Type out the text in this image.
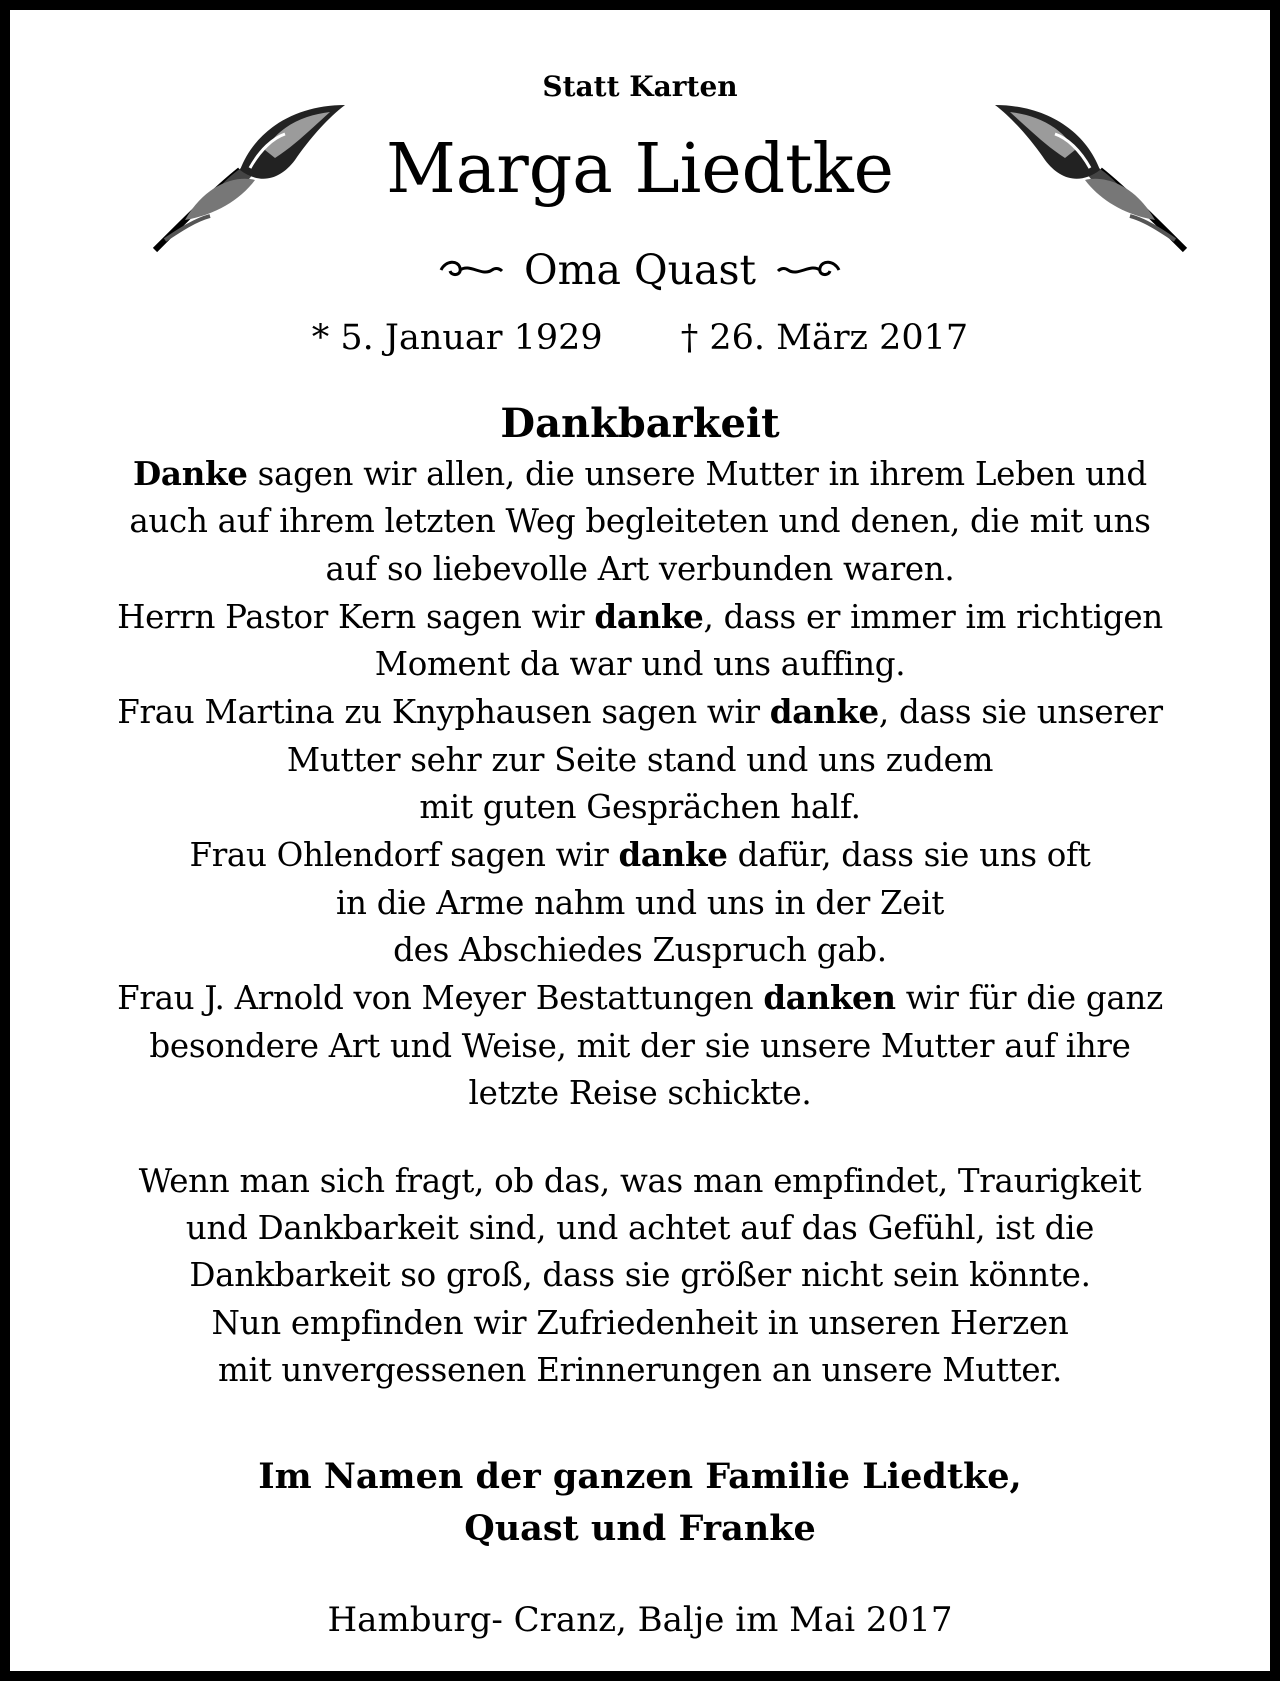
Statt Karten
Marga Liedtke
Oma Quast
* 5. Januar 1929 † 26. März 2017
Dankbarkeit
Danke sagen wir allen, die unsere Mutter in ihrem Leben und
auch auf ihrem letzten Weg begleiteten und denen, die mit uns
auf so liebevolle Art verbunden waren.
Herrn Pastor Kern sagen wir danke, dass er immer im richtigen
Moment da war und uns auffing.
Frau Martina zu Knyphausen sagen wir danke, dass sie unserer
Mutter sehr zur Seite stand und uns zudem
mit guten Gesprächen half.
Frau Ohlendorf sagen wir danke dafür, dass sie uns oft
in die Arme nahm und uns in der Zeit
des Abschiedes Zuspruch gab.
Frau J. Arnold von Meyer Bestattungen danken wir für die ganz
besondere Art und Weise, mit der sie unsere Mutter auf ihre
letzte Reise schickte.
Wenn man sich fragt, ob das, was man empfindet, Traurigkeit
und Dankbarkeit sind, und achtet auf das Gefühl, ist die
Dankbarkeit so groß, dass sie größer nicht sein könnte.
Nun empfinden wir Zufriedenheit in unseren Herzen
mit unvergessenen Erinnerungen an unsere Mutter.
Im Namen der ganzen Familie Liedtke,
Quast und Franke
Hamburg- Cranz, Balje im Mai 2017
